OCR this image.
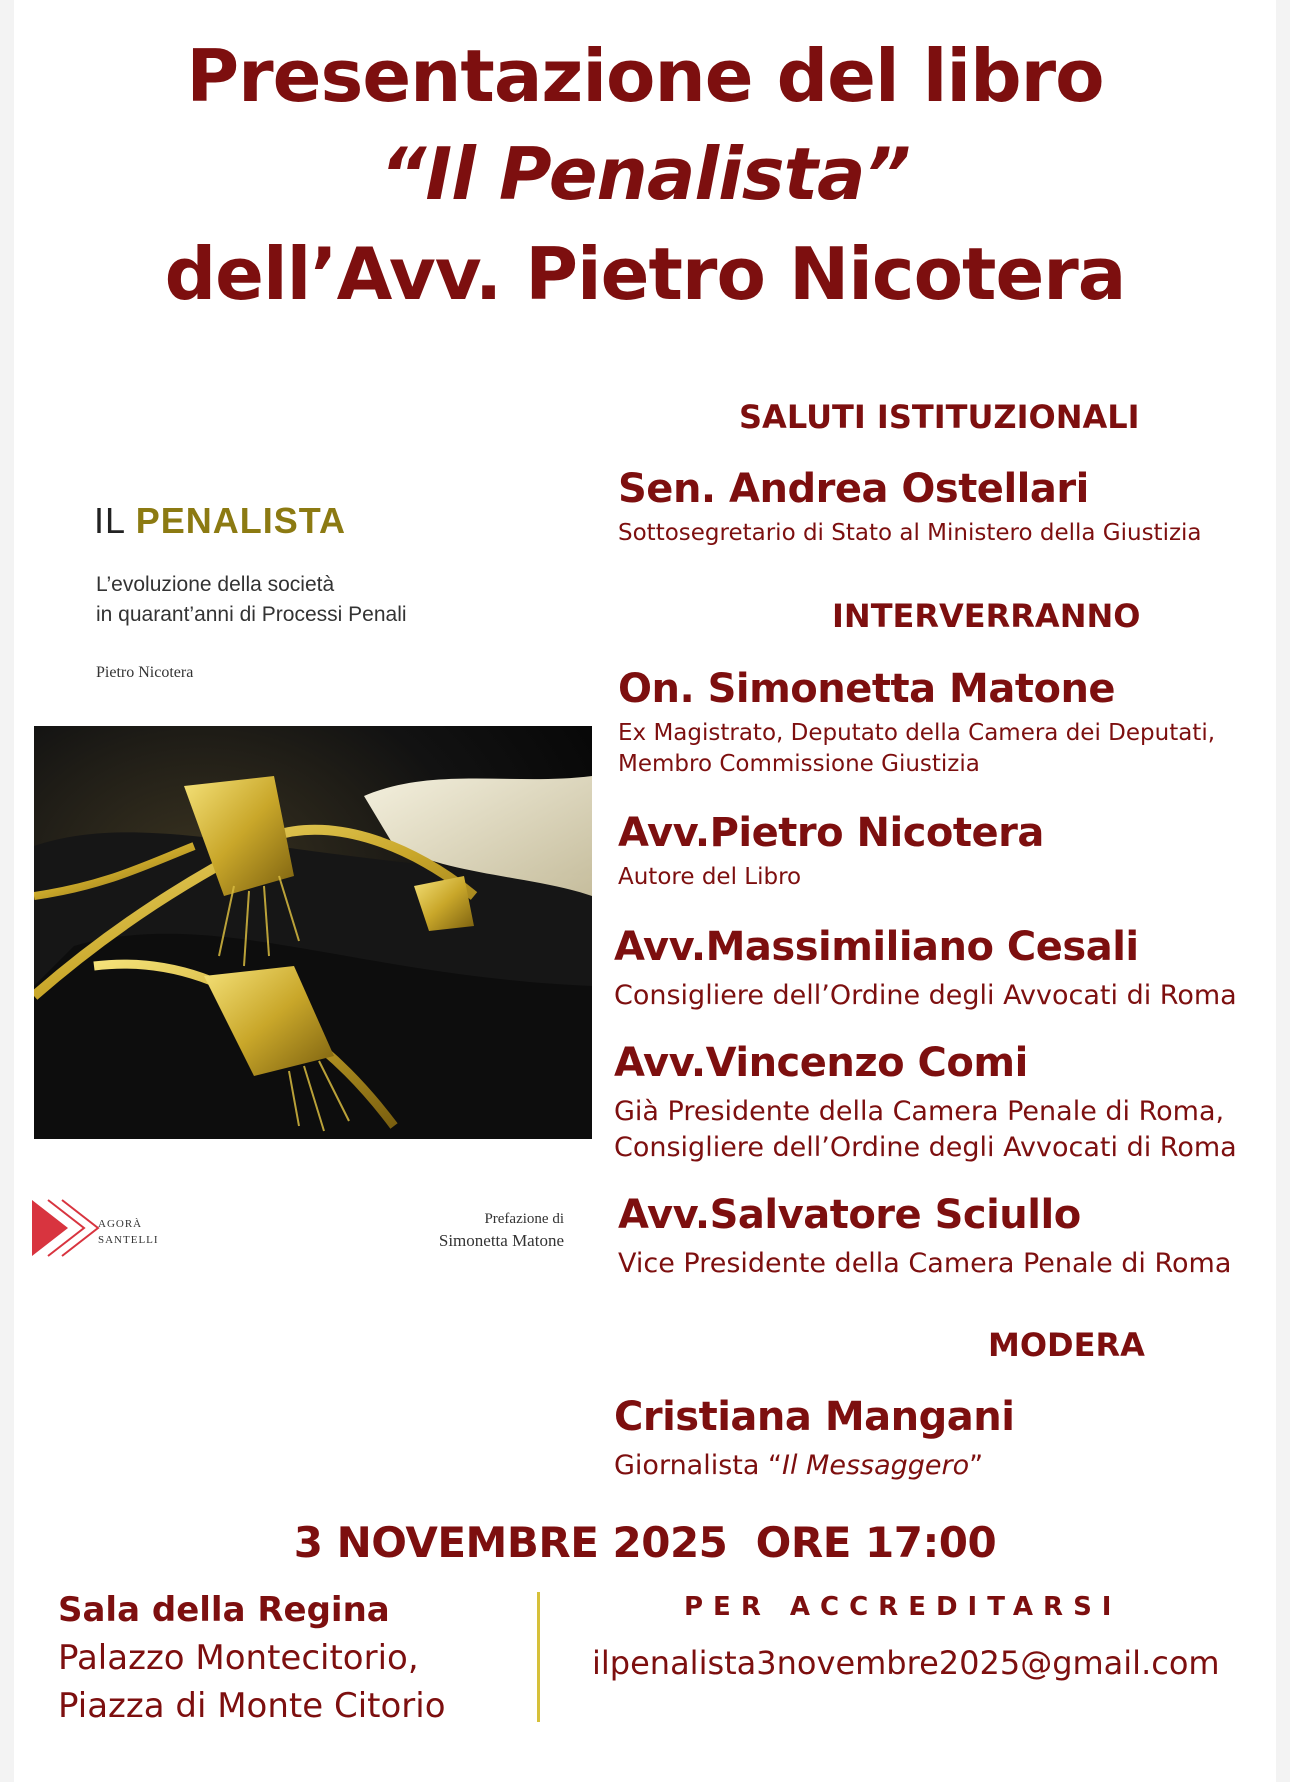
Presentazione del libro
“Il Penalista”
dell’Avv. Pietro Nicotera
IL PENALISTA
L’evoluzione della società
in quarant’anni di Processi Penali
Pietro Nicotera
AGORÀ
SANTELLI
Prefazione di
Simonetta Matone
SALUTI ISTITUZIONALI
Sen. Andrea Ostellari
Sottosegretario di Stato al Ministero della Giustizia
INTERVERRANNO
On. Simonetta Matone
Ex Magistrato, Deputato della Camera dei Deputati,
Membro Commissione Giustizia
Avv.Pietro Nicotera
Autore del Libro
Avv.Massimiliano Cesali
Consigliere dell’Ordine degli Avvocati di Roma
Avv.Vincenzo Comi
Già Presidente della Camera Penale di Roma,
Consigliere dell’Ordine degli Avvocati di Roma
Avv.Salvatore Sciullo
Vice Presidente della Camera Penale di Roma
MODERA
Cristiana Mangani
Giornalista “Il Messaggero”
3 NOVEMBRE 2025  ORE 17:00
Sala della Regina
Palazzo Montecitorio,
Piazza di Monte Citorio
PER ACCREDITARSI
ilpenalista3novembre2025@gmail.com
